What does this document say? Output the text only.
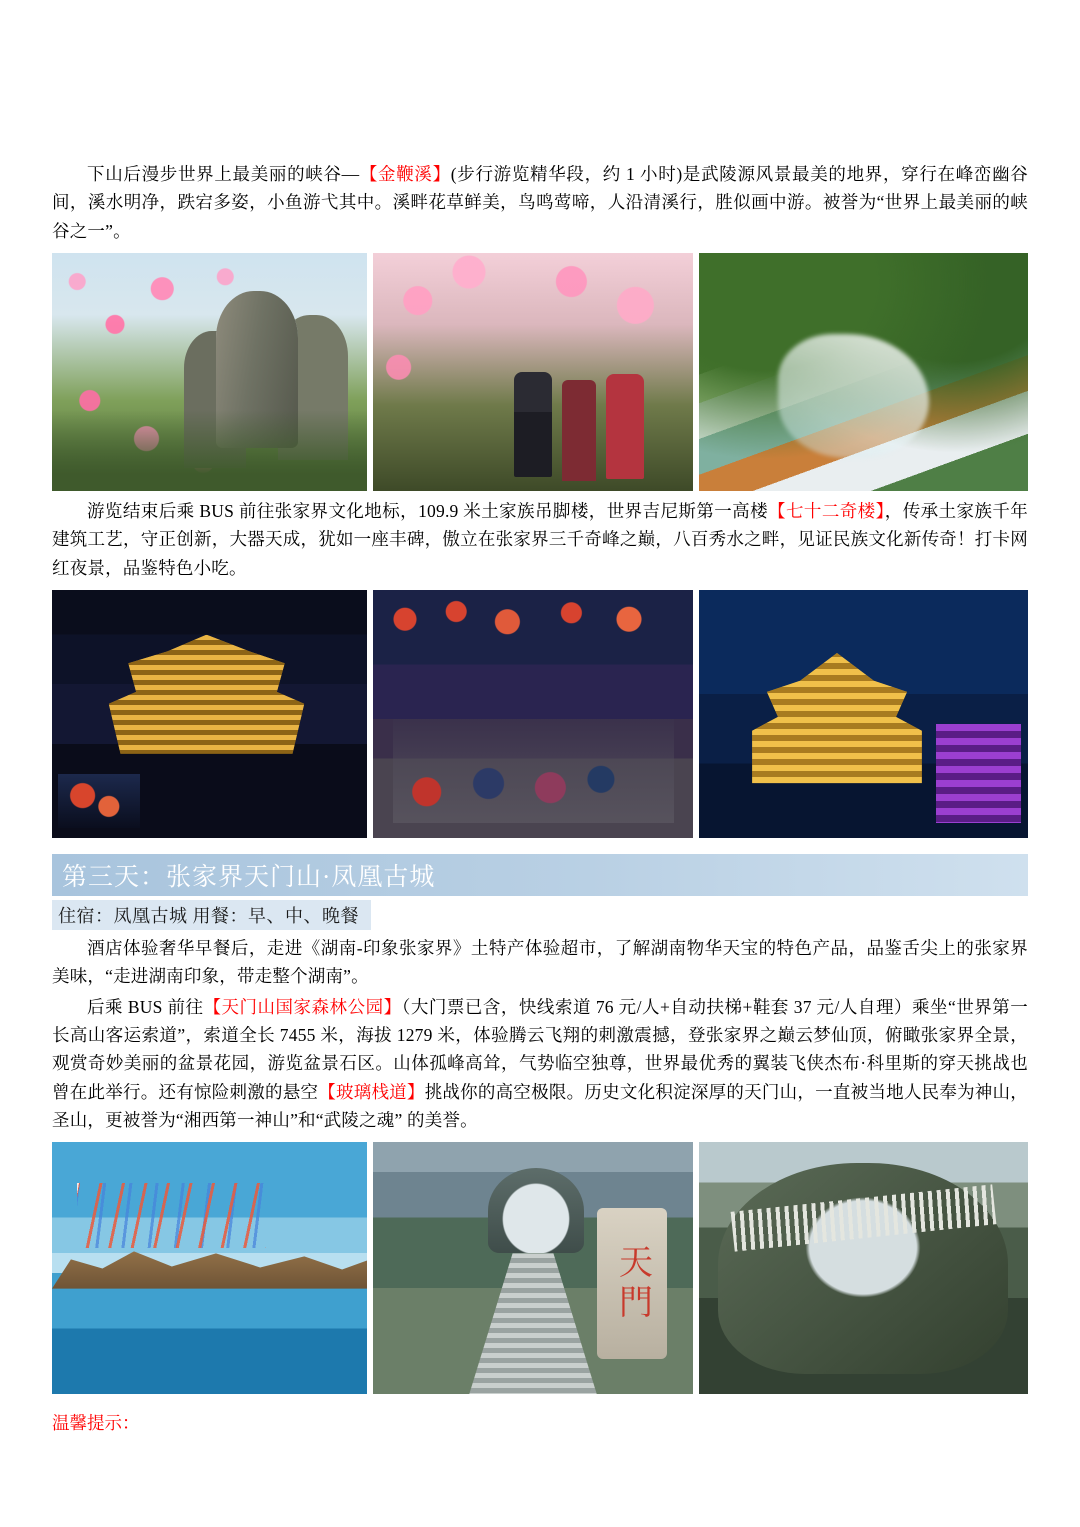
下山后漫步世界上最美丽的峡谷—【金鞭溪】(步行游览精华段，约 1 小时)是武陵源风景最美的地界，穿行在峰峦幽谷间，溪水明净，跌宕多姿，小鱼游弋其中。溪畔花草鲜美，鸟鸣莺啼，人沿清溪行，胜似画中游。被誉为“世界上最美丽的峡谷之一”。

游览结束后乘 BUS 前往张家界文化地标，109.9 米土家族吊脚楼，世界吉尼斯第一高楼【七十二奇楼】，传承土家族千年建筑工艺，守正创新，大器天成，犹如一座丰碑，傲立在张家界三千奇峰之巅，八百秀水之畔，见证民族文化新传奇！打卡网红夜景，品鉴特色小吃。

第三天：张家界天门山·凤凰古城
住宿：凤凰古城 用餐：早、中、晚餐

酒店体验奢华早餐后，走进《湖南-印象张家界》土特产体验超市，了解湖南物华天宝的特色产品，品鉴舌尖上的张家界美味，“走进湖南印象，带走整个湖南”。

后乘 BUS 前往【天门山国家森林公园】（大门票已含，快线索道 76 元/人+自动扶梯+鞋套 37 元/人自理）乘坐“世界第一长高山客运索道”，索道全长 7455 米，海拔 1279 米，体验腾云飞翔的刺激震撼，登张家界之巅云梦仙顶，俯瞰张家界全景，观赏奇妙美丽的盆景花园，游览盆景石区。山体孤峰高耸，气势临空独尊，世界最优秀的翼装飞侠杰布·科里斯的穿天挑战也曾在此举行。还有惊险刺激的悬空【玻璃栈道】挑战你的高空极限。历史文化积淀深厚的天门山，一直被当地人民奉为神山，圣山，更被誉为“湘西第一神山”和“武陵之魂” 的美誉。

天門
温馨提示：
